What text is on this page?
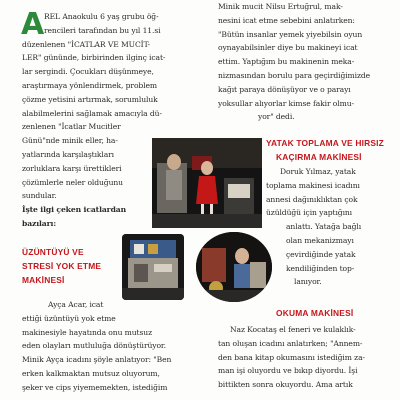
A REL Anaokulu 6 yaş grubu öğ-

rencileri tarafından bu yıl 11.si

düzenlenen "İCATLAR VE MUCİT-

LER" gününde, birbirinden ilginç icat-

lar sergindi. Çocukları düşünmeye,

araştırmaya yönlendirmek, problem

çözme yetisini artırmak, sorumluluk

alabilmelerini sağlamak amacıyla dü-

zenlenen "İcatlar Mucitler

Günü"nde minik eller, ha-

yatlarında karşılaştıkları

zorluklara karşı ürettikleri

çözümlerle neler olduğunu

sundular.

İşte ilgi çeken icatlardan

bazıları:

ÜZÜNTÜYÜ VE
STRESİ YOK ETME
MAKİNESİ

Ayça Acar, icat

ettiği üzüntüyü yok etme

makinesiyle hayatında onu mutsuz

eden olayları mutluluğa dönüştürüyor.

Minik Ayça icadını şöyle anlatıyor: "Ben

erken kalkmaktan mutsuz oluyorum,

şeker ve cips yiyememekten, istediğim

Minik mucit Nilsu Ertuğrul, mak-

nesini icat etme sebebini anlatırken:

"Bütün insanlar yemek yiyebilsin oyun

oynayabilsinler diye bu makineyi icat

ettim. Yaptığım bu makinenin meka-

nizmasından borulu para geçirdiğimizde

kağıt paraya dönüşüyor ve o parayı

yoksullar alıyorlar kimse fakir olmu-

yor" dedi.

YATAK TOPLAMA VE HIRSIZ
KAÇIRMA MAKİNESİ

Doruk Yılmaz, yatak

toplama makinesi icadını

annesi dağınıklıktan çok

üzüldüğü için yaptığını

anlattı. Yatağa bağlı

olan mekanizmayı

çevirdiğinde yatak

kendiliğinden top-

lanıyor.

OKUMA MAKİNESİ

Naz Kocataş el feneri ve kulaklık-

tan oluşan icadını anlatırken; "Annem-

den bana kitap okumasını istediğim za-

man işi oluyordu ve bıkıp diyordu. İşi

bittikten sonra okuyordu. Ama artık
